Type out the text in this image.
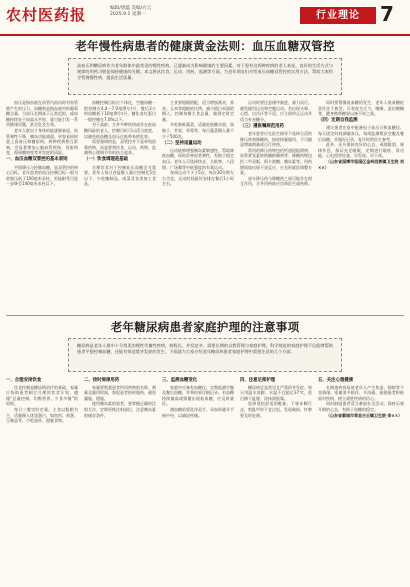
农村医药报	编辑/唐蕴 美编/方云
2025.9.1 星期一	行业理论	7
老年慢性病患者的健康黄金法则：血压血糖双管控
高血压和糖尿病作为老年群体中最常见的慢性疾病，已逐渐成为影响健康的主要因素。对于患有这两种疾病的老人来说，良好的生活方式与规律的用药习惯是保持健康的关键。本文将从饮食、运动、用药、监测等方面，为老年朋友们介绍血压血糖双管控的实用方法，帮助大家科学管理慢性病，提高生活质量。

血压是指血液在血管内流动时对血管壁产生的压力，血糖则是指血液中的葡萄糖含量。当血压长期高于正常范围，或血糖持续处于较高水平时，就可能引发一系列健康问题，甚至危及生命。

老年人群由于身体机能逐渐衰退，血管弹性下降、胰岛功能减弱，更容易同时患上高血压和糖尿病。两种疾病相互影响，会显著增加心脑血管疾病、肾脏病变、视网膜病变等并发症的风险。

一、血压血糖双管控的基本原则

平稳降压与控制血糖，是双管控的核心目标。老年患者的血压控制目标一般为收缩压低于150毫米汞柱，若能耐受可进一步降至140毫米汞柱以下。

血糖控制目标应个体化，空腹血糖一般控制在4.4～7.0毫摩尔/升，餐后2小时血糖低于10毫摩尔/升，糖化血红蛋白一般控制在7.0%以下。

对于高龄、合并多种疾病或存在低血糖风险的老人，控制目标可以适当放宽，以避免低血糖及血压过低带来的危害。

需要强调的是，双管控并不是单纯依靠药物，而是要将饮食、运动、药物、监测和心理调节有机结合起来。

（一）饮食调理是基础

合理饮食对于控制血压血糖至关重要。老年人每日食盐摄入量应控制在5克以下，少吃腌制品、咸菜及各类加工食品。

主食要粗细搭配，适当增加燕麦、荞麦、玉米等粗粮的比例，减少精白米面的摄入，控制每餐主食总量，做到定时定量。

多吃新鲜蔬菜，适量吃低糖水果，如柚子、苹果、草莓等，每日蔬菜摄入量不少于500克。

（二）坚持适量运动

运动能够增强胰岛素敏感性，帮助降低血糖，同时改善血管弹性，有助于稳定血压。老年人可选择快走、太极拳、八段锦、广场舞等中低强度的有氧运动。

每周运动不少于5次，每次30分钟左右为宜，运动时间最好安排在餐后1小时左右。

运动时要注意循序渐进，量力而行，避免剧烈运动和空腹运动。若出现头晕、心慌、出冷汗等不适，应立即停止运动并适当补充糖分。

（三）遵医嘱规范用药

老年患者应在医生指导下选择合适的降压药和降糖药，按时按量服用，不可随意增减剂量或自行停药。

常用的降压药物包括钙通道阻滞剂、血管紧张素转换酶抑制剂等；降糖药物包括二甲双胍、阿卡波糖、胰岛素等。用药期间如出现不良反应，应及时就医调整方案。

部分降压药与降糖药之间可能存在相互作用，合并用药前应咨询医生或药师。

同时要警惕低血糖的发生，老年人低血糖症状往往不典型，可表现为乏力、嗜睡、意识模糊等，随身携带糖果以备不时之需。

（四）定期自我监测

建议患者在家中配备电子血压计和血糖仪，每天固定时间测量血压，每周监测数次空腹及餐后血糖，并做好记录，复诊时供医生参考。

此外，还应保持良好的心态，戒烟限酒，规律作息，保证充足睡眠，定期进行眼底、肾功能、心电图等检查，早发现、早干预。

（山东省淄博市临淄区金岭回族镇卫生院 刘××）

老年糖尿病患者家庭护理的注意事项
糖尿病是老年人群中十分常见的慢性代谢性疾病，病程长、并发症多，需要长期的自我管理与家庭护理。科学规范的家庭护理不仅能够帮助患者平稳控制血糖，还能有效延缓并发症的发生。下面就为大家介绍老年糖尿病患者家庭护理中需要注意的几个方面。
一、合理安排饮食

饮食控制是糖尿病治疗的基础。家属应协助患者制订合理的饮食计划，遵循“总量控制、均衡营养、少食多餐”的原则。

每日三餐定时定量，主食以粗粮为主，适量摄入优质蛋白，如鱼肉、鸡蛋、豆制品等，少吃油炸、甜腻食物。

二、按时规律用药

家属要熟悉患者所用药物的名称、剂量及服用时间，督促患者按时服药，避免漏服、错服。

使用胰岛素的患者，要掌握正确的注射方法，定期更换注射部位，注意胰岛素的储存条件。

三、监测血糖变化

家庭中应备有血糖仪，定期监测空腹及餐后血糖，并将结果详细记录。若血糖持续偏高或频繁出现低血糖，应及时就医。

测血糖前要洗净双手，采血时避开手指中央，以减轻疼痛。

四、注意足部护理

糖尿病足是常见且严重的并发症。每天用温水洗脚，水温不宜超过37℃，洗后擦干趾缝，涂抹润肤霜。

选择宽松舒适的鞋袜，不要赤脚行走，剪趾甲时不宜过短，发现破损、红肿要及时处理。

五、关注心理健康

长期患病容易使老年人产生焦虑、抑郁等不良情绪。家属要多陪伴、多沟通，鼓励患者积极面对疾病，树立战胜疾病的信心。

同时鼓励患者适当参加社交活动，保持乐观开朗的心态，有助于血糖的稳定。

（山东省聊城市莘县古云镇卫生院 李××）
